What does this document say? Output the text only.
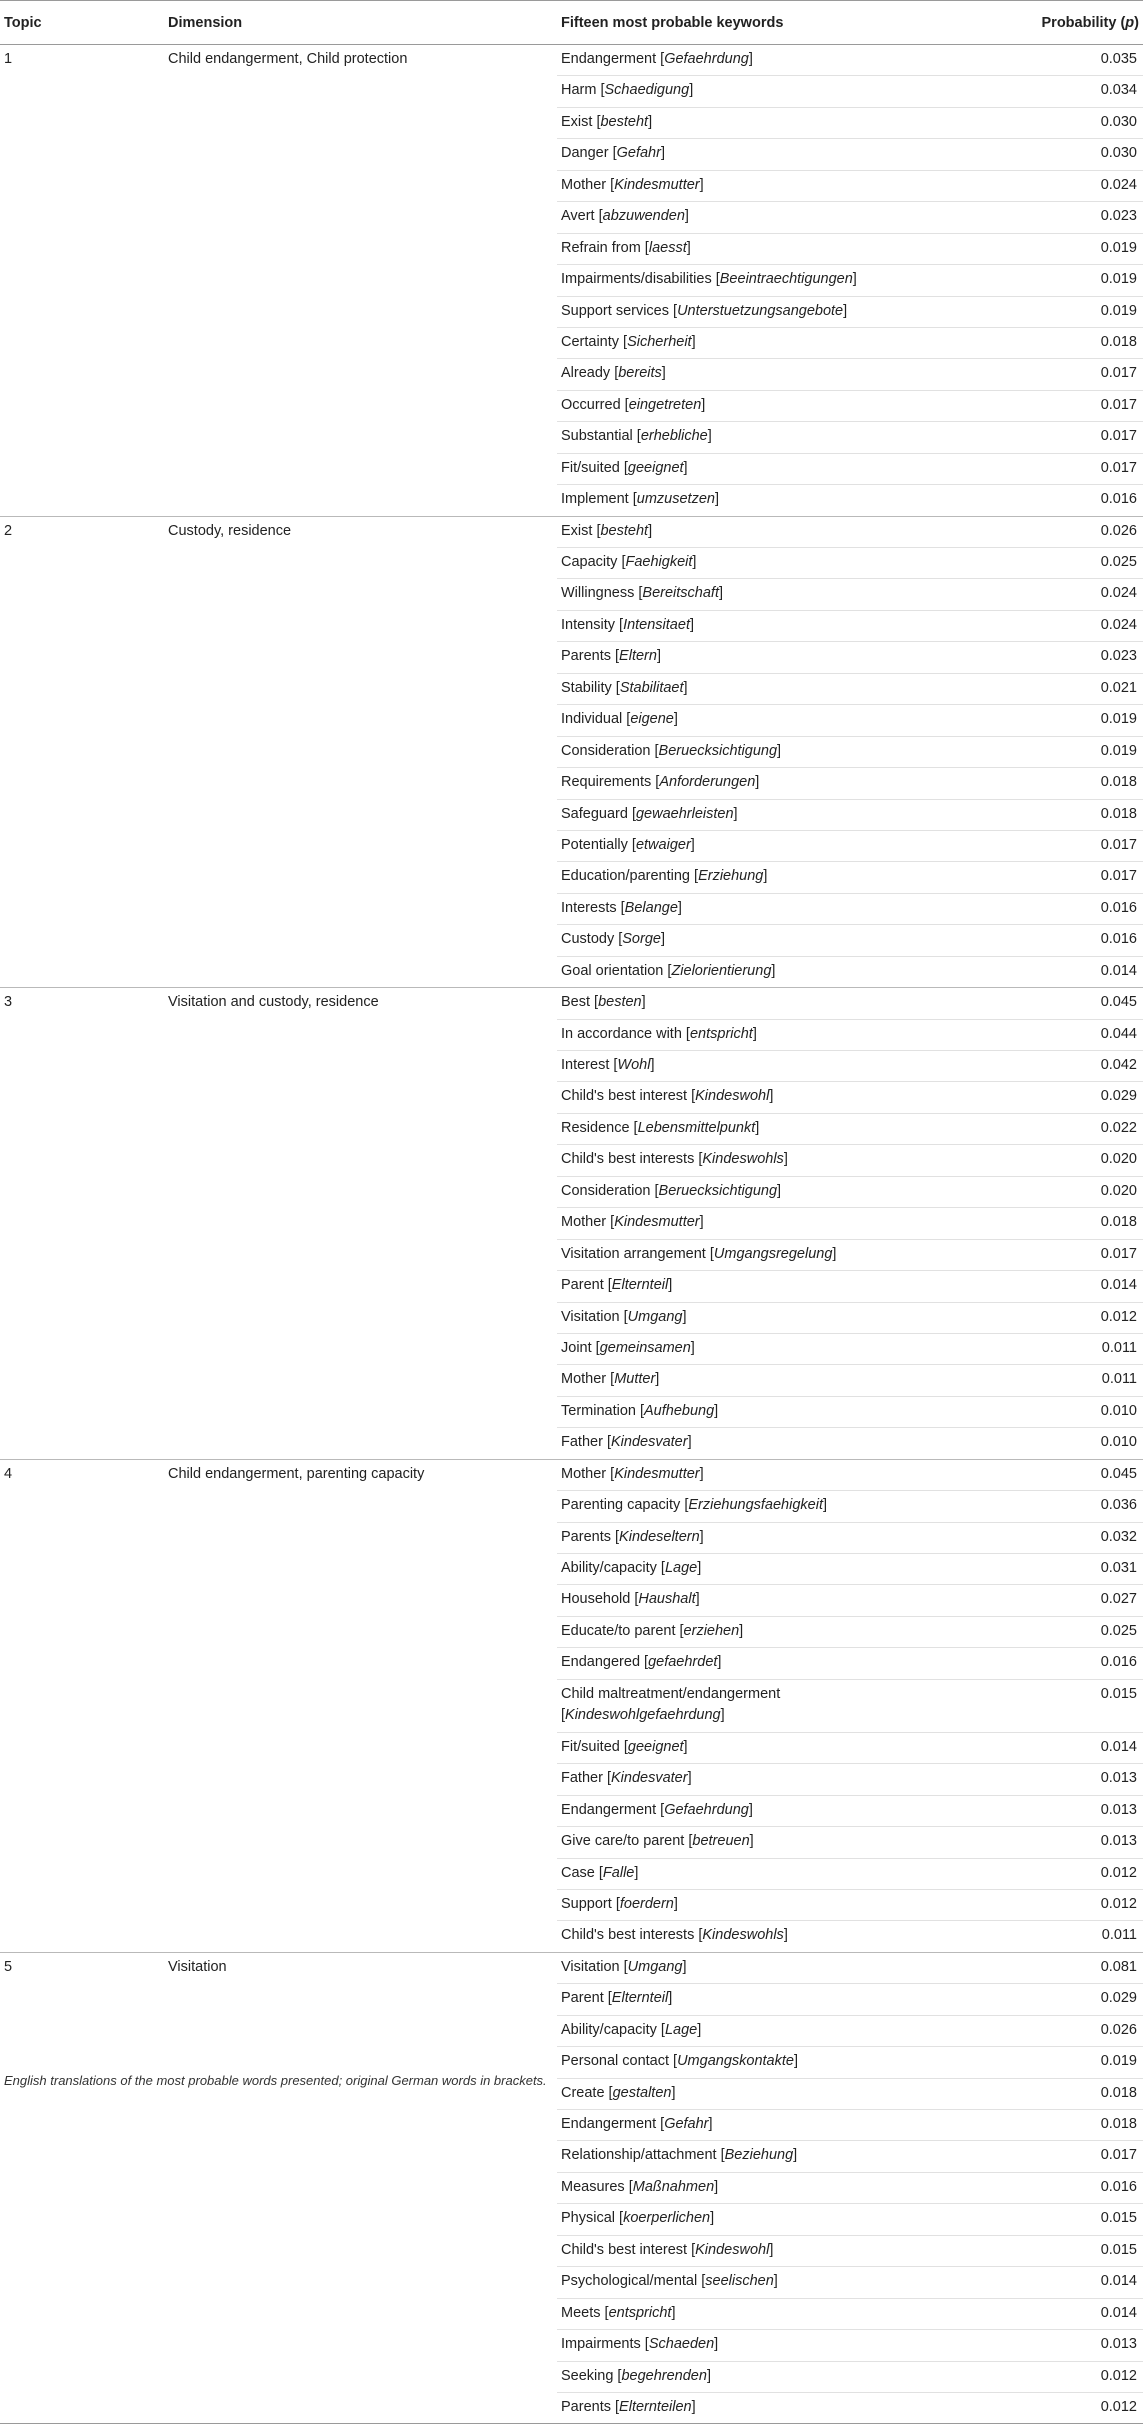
Topic	Dimension	Fifteen most probable keywords	Probability (p)
1	Child endangerment, Child protection	Endangerment [Gefaehrdung]	0.035
		Harm [Schaedigung]	0.034
		Exist [besteht]	0.030
		Danger [Gefahr]	0.030
		Mother [Kindesmutter]	0.024
		Avert [abzuwenden]	0.023
		Refrain from [laesst]	0.019
		Impairments/disabilities [Beeintraechtigungen]	0.019
		Support services [Unterstuetzungsangebote]	0.019
		Certainty [Sicherheit]	0.018
		Already [bereits]	0.017
		Occurred [eingetreten]	0.017
		Substantial [erhebliche]	0.017
		Fit/suited [geeignet]	0.017
		Implement [umzusetzen]	0.016
2	Custody, residence	Exist [besteht]	0.026
		Capacity [Faehigkeit]	0.025
		Willingness [Bereitschaft]	0.024
		Intensity [Intensitaet]	0.024
		Parents [Eltern]	0.023
		Stability [Stabilitaet]	0.021
		Individual [eigene]	0.019
		Consideration [Beruecksichtigung]	0.019
		Requirements [Anforderungen]	0.018
		Safeguard [gewaehrleisten]	0.018
		Potentially [etwaiger]	0.017
		Education/parenting [Erziehung]	0.017
		Interests [Belange]	0.016
		Custody [Sorge]	0.016
		Goal orientation [Zielorientierung]	0.014
3	Visitation and custody, residence	Best [besten]	0.045
		In accordance with [entspricht]	0.044
		Interest [Wohl]	0.042
		Child's best interest [Kindeswohl]	0.029
		Residence [Lebensmittelpunkt]	0.022
		Child's best interests [Kindeswohls]	0.020
		Consideration [Beruecksichtigung]	0.020
		Mother [Kindesmutter]	0.018
		Visitation arrangement [Umgangsregelung]	0.017
		Parent [Elternteil]	0.014
		Visitation [Umgang]	0.012
		Joint [gemeinsamen]	0.011
		Mother [Mutter]	0.011
		Termination [Aufhebung]	0.010
		Father [Kindesvater]	0.010
4	Child endangerment, parenting capacity	Mother [Kindesmutter]	0.045
		Parenting capacity [Erziehungsfaehigkeit]	0.036
		Parents [Kindeseltern]	0.032
		Ability/capacity [Lage]	0.031
		Household [Haushalt]	0.027
		Educate/to parent [erziehen]	0.025
		Endangered [gefaehrdet]	0.016
		Child maltreatment/endangerment
[Kindeswohlgefaehrdung]	0.015
		Fit/suited [geeignet]	0.014
		Father [Kindesvater]	0.013
		Endangerment [Gefaehrdung]	0.013
		Give care/to parent [betreuen]	0.013
		Case [Falle]	0.012
		Support [foerdern]	0.012
		Child's best interests [Kindeswohls]	0.011
5	Visitation	Visitation [Umgang]	0.081
		Parent [Elternteil]	0.029
		Ability/capacity [Lage]	0.026
		Personal contact [Umgangskontakte]	0.019
		Create [gestalten]	0.018
		Endangerment [Gefahr]	0.018
		Relationship/attachment [Beziehung]	0.017
		Measures [Maßnahmen]	0.016
		Physical [koerperlichen]	0.015
		Child's best interest [Kindeswohl]	0.015
		Psychological/mental [seelischen]	0.014
		Meets [entspricht]	0.014
		Impairments [Schaeden]	0.013
		Seeking [begehrenden]	0.012
		Parents [Elternteilen]	0.012
English translations of the most probable words presented; original German words in brackets.
